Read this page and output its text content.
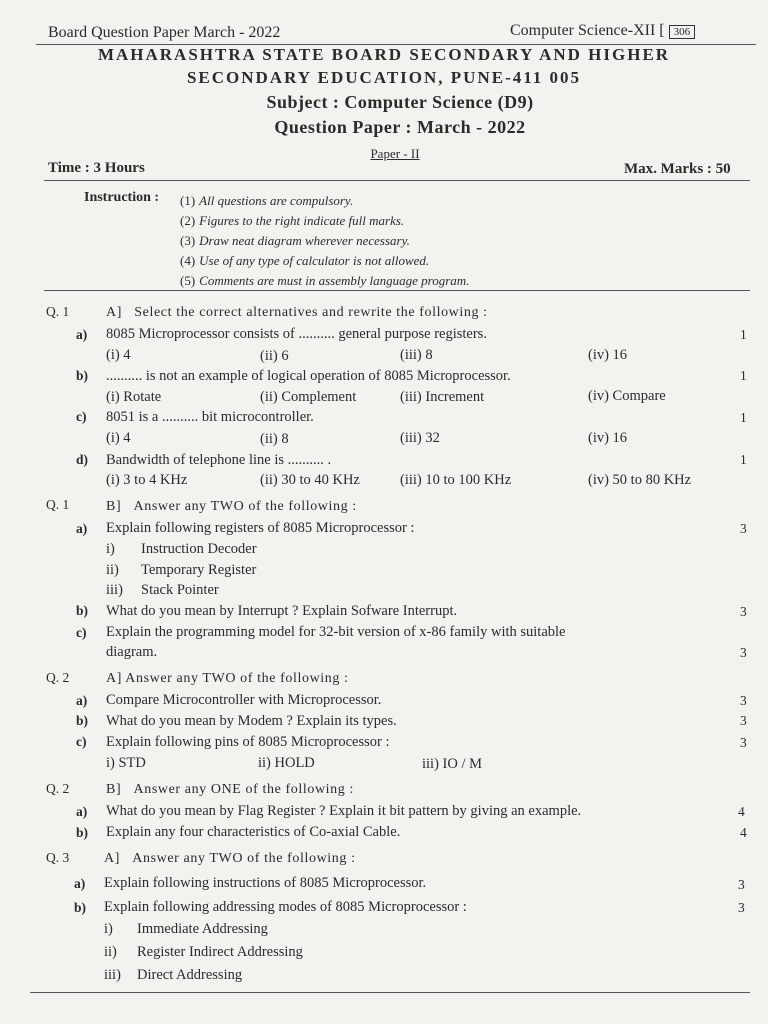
Board Question Paper March - 2022	Computer Science-XII [ 306
MAHARASHTRA STATE BOARD SECONDARY AND HIGHER
SECONDARY EDUCATION, PUNE-411 005
Subject : Computer Science (D9)
Question Paper : March - 2022
Paper - II
Time : 3 Hours	Max. Marks : 50
Instruction : (1) All questions are compulsory.
(2) Figures to the right indicate full marks.
(3) Draw neat diagram wherever necessary.
(4) Use of any type of calculator is not allowed.
(5) Comments are must in assembly language program.
Q. 1	A] Select the correct alternatives and rewrite the following :
a) 8085 Microprocessor consists of .......... general purpose registers.	1
(i) 4	(ii) 6	(iii) 8	(iv) 16
b) .......... is not an example of logical operation of 8085 Microprocessor.	1
(i) Rotate	(ii) Complement	(iii) Increment	(iv) Compare
c) 8051 is a .......... bit microcontroller.	1
(i) 4	(ii) 8	(iii) 32	(iv) 16
d) Bandwidth of telephone line is .......... .	1
(i) 3 to 4 KHz	(ii) 30 to 40 KHz	(iii) 10 to 100 KHz	(iv) 50 to 80 KHz
Q. 1	B] Answer any TWO of the following :
a) Explain following registers of 8085 Microprocessor :	3
i) Instruction Decoder
ii) Temporary Register
iii) Stack Pointer
b) What do you mean by Interrupt ? Explain Sofware Interrupt.	3
c) Explain the programming model for 32-bit version of x-86 family with suitable
diagram.	3
Q. 2	A] Answer any TWO of the following :
a) Compare Microcontroller with Microprocessor.	3
b) What do you mean by Modem ? Explain its types.	3
c) Explain following pins of 8085 Microprocessor :	3
i) STD	ii) HOLD	iii) IO / M
Q. 2	B] Answer any ONE of the following :
a) What do you mean by Flag Register ? Explain it bit pattern by giving an example.	4
b) Explain any four characteristics of Co-axial Cable.	4
Q. 3 A] Answer any TWO of the following :
a) Explain following instructions of 8085 Microprocessor.	3
b) Explain following addressing modes of 8085 Microprocessor :	3
i) Immediate Addressing
ii) Register Indirect Addressing
iii) Direct Addressing
